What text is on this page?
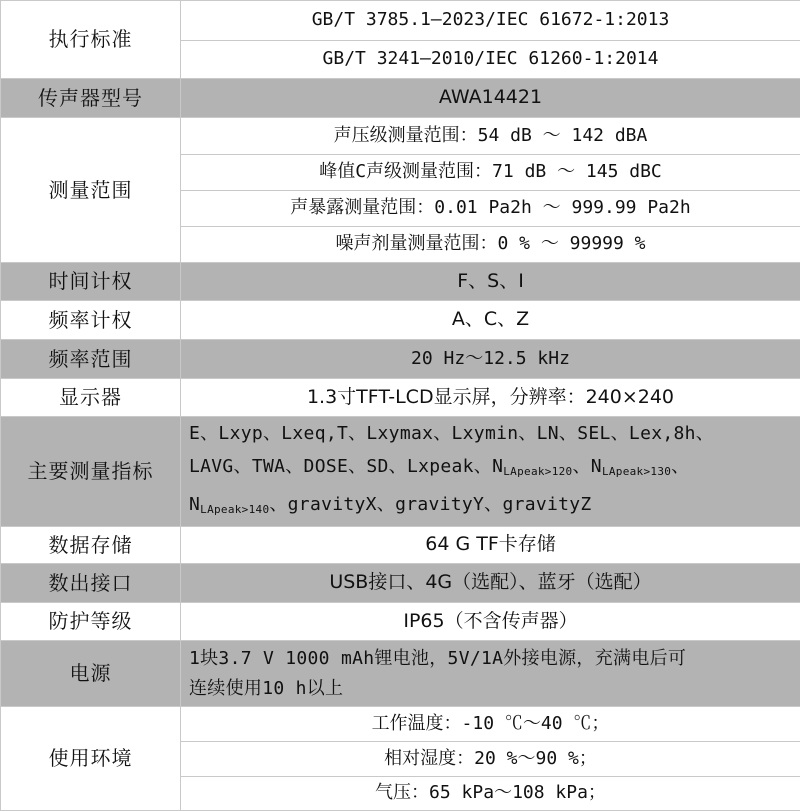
执行标准	GB/T 3785.1—2023/IEC 61672-1:2013
	GB/T 3241—2010/IEC 61260-1:2014
传声器型号	AWA14421
测量范围	声压级测量范围：54 dB ～ 142 dBA
	峰值C声级测量范围：71 dB ～ 145 dBC
	声暴露测量范围：0.01 Pa2h ～ 999.99 Pa2h
	噪声剂量测量范围：0 % ～ 99999 %
时间计权	F、S、I
频率计权	A、C、Z
频率范围	20 Hz～12.5 kHz
显示器	1.3寸TFT-LCD显示屏，分辨率：240×240
主要测量指标	E、Lxyp、Lxeq,T、Lxymax、Lxymin、LN、SEL、Lex,8h、
LAVG、TWA、DOSE、SD、Lxpeak、$N_{LApeak>120}$、$N_{LApeak>130}$、
$N_{LApeak>140}$、gravityX、gravityY、gravityZ

数据存储	64 G TF卡存储
数出接口	USB接口、4G（选配）、蓝牙（选配）
防护等级	IP65（不含传声器）
电源	1块3.7 V 1000 mAh锂电池，5V/1A外接电源，充满电后可
连续使用10 h以上

使用环境	工作温度：-10 ℃～40 ℃；
	相对湿度：20 %～90 %；
	气压：65 kPa～108 kPa；
